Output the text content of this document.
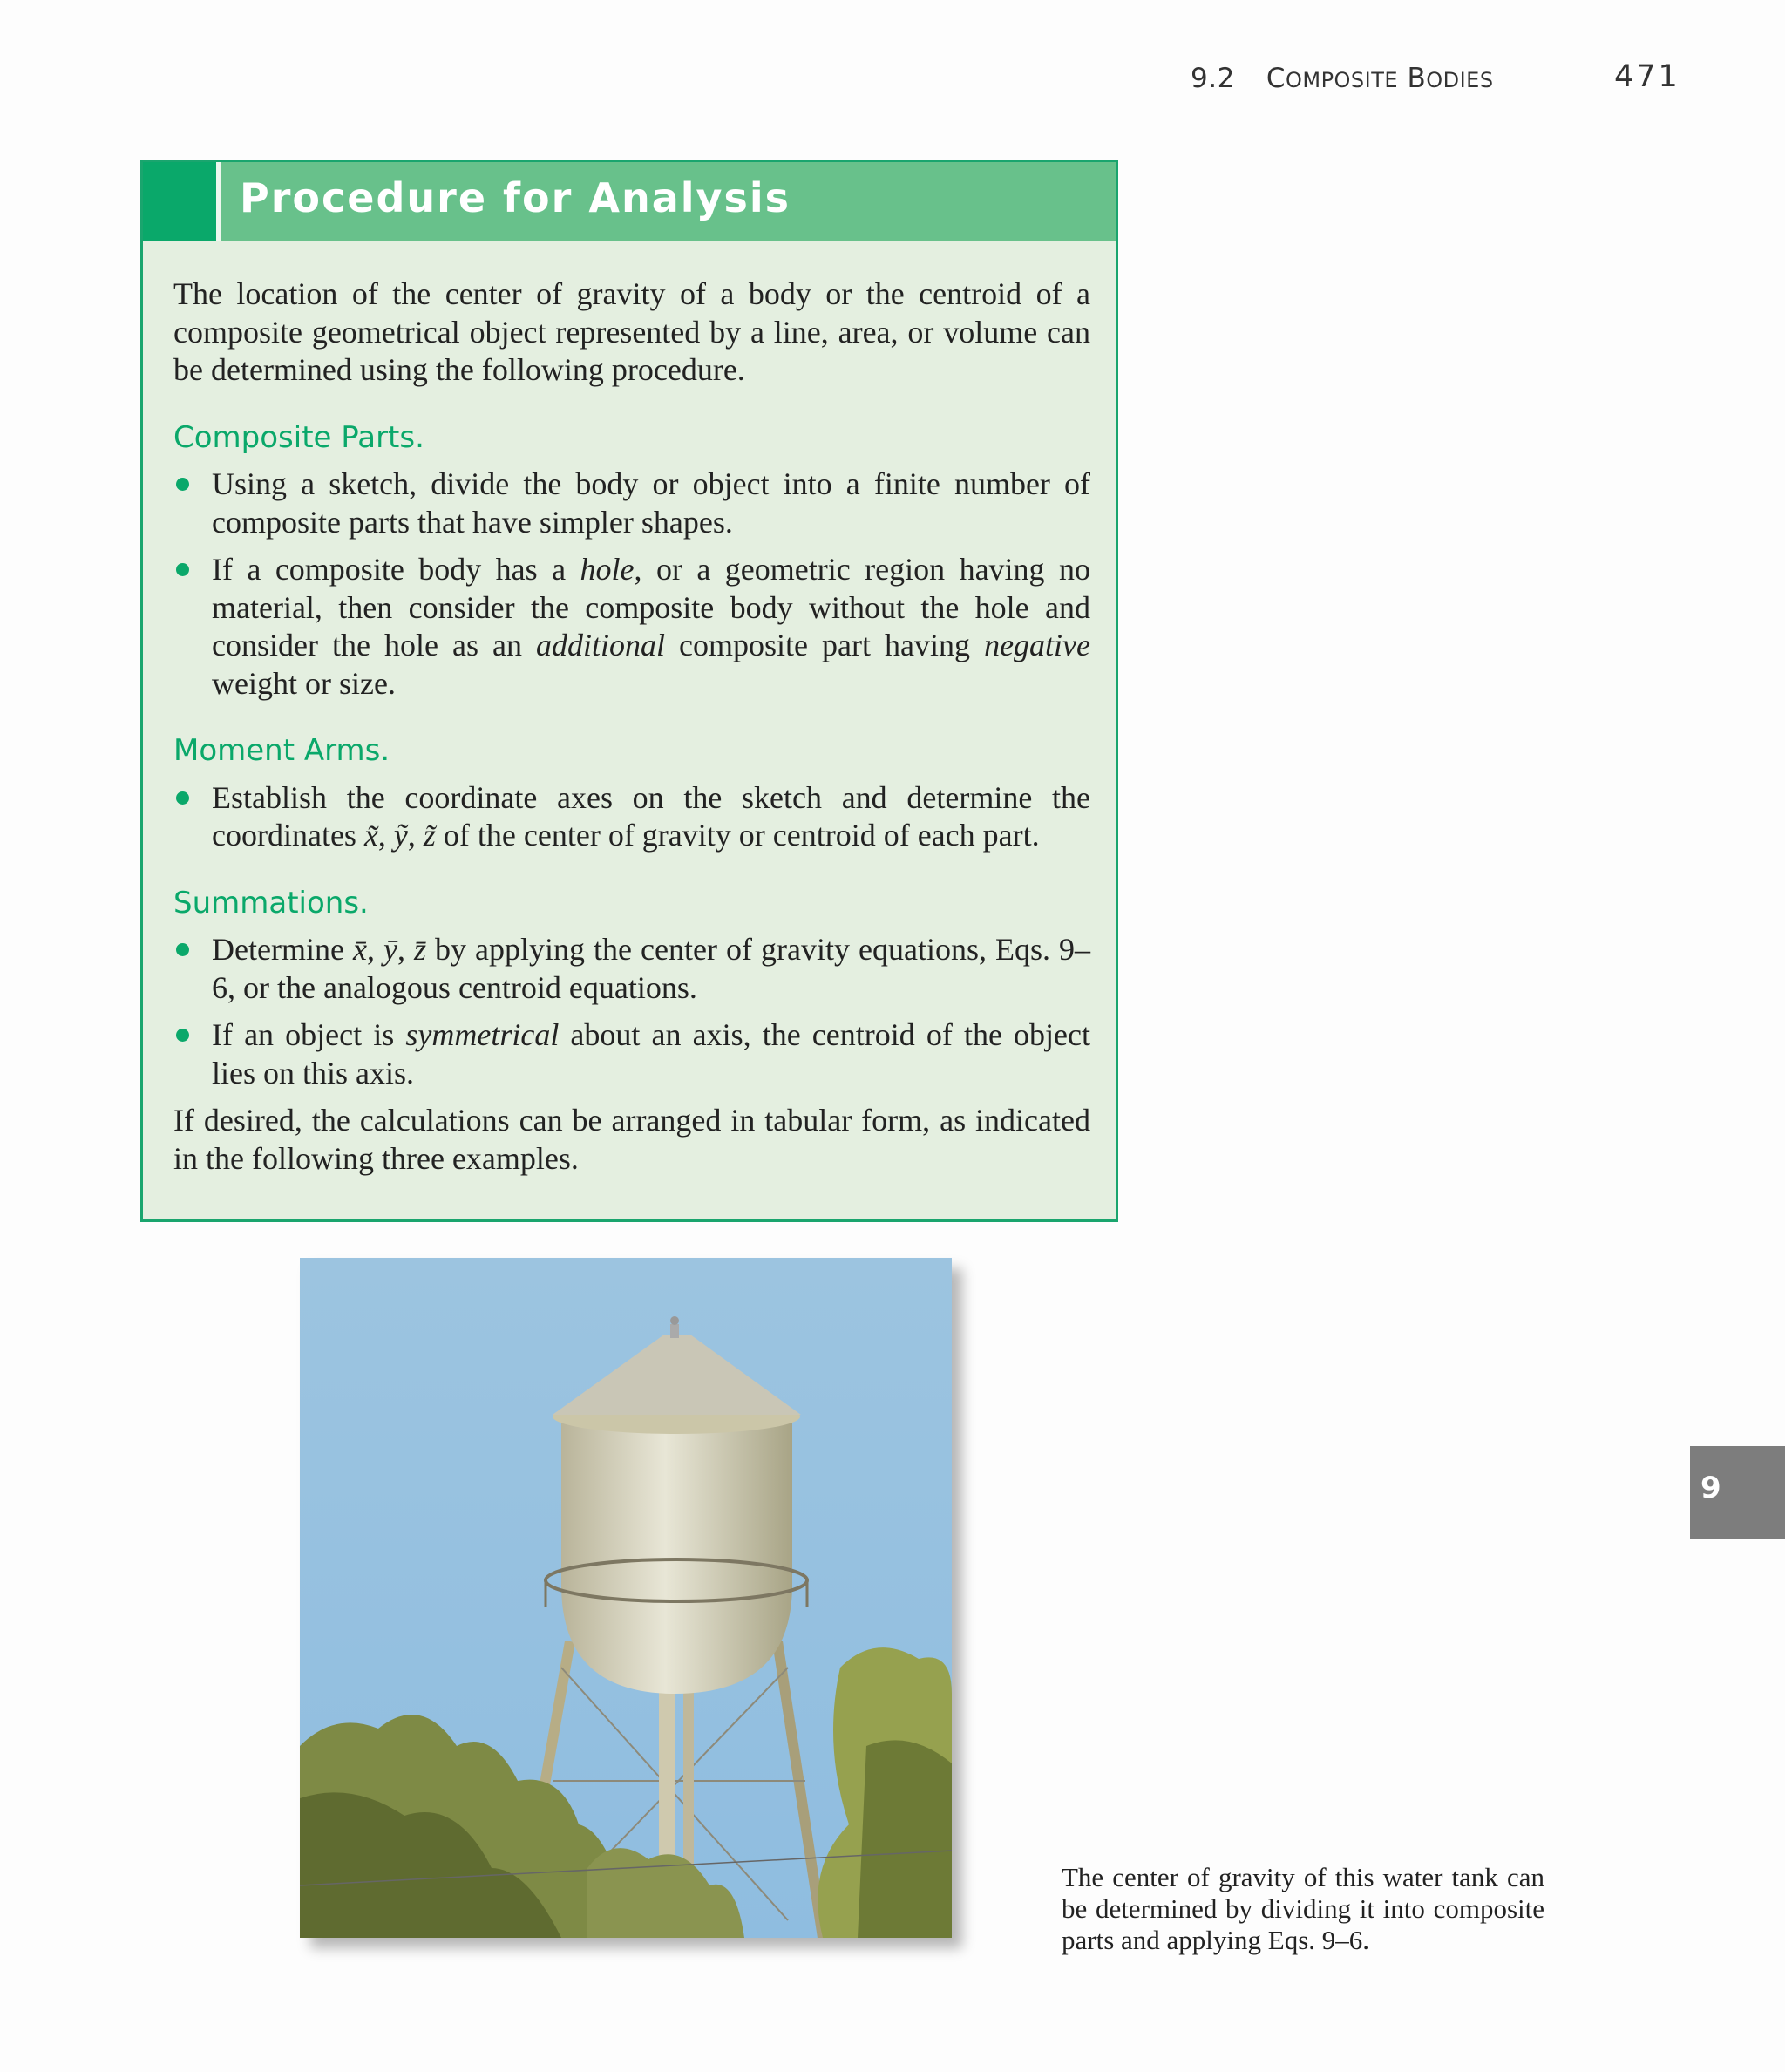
9.2 COMPOSITE BODIES	471
Procedure for Analysis

The location of the center of gravity of a body or the centroid of a composite geometrical object represented by a line, area, or volume can be determined using the following procedure.

Composite Parts.
Using a sketch, divide the body or object into a finite number of composite parts that have simpler shapes.
If a composite body has a hole, or a geometric region having no material, then consider the composite body without the hole and consider the hole as an additional composite part having negative weight or size.
Moment Arms.
Establish the coordinate axes on the sketch and determine the coordinates x, y, z of the center of gravity or centroid of each part.
Summations.
Determine x, y, z by applying the center of gravity equations, Eqs. 9–6, or the analogous centroid equations.
If an object is symmetrical about an axis, the centroid of the object lies on this axis.

If desired, the calculations can be arranged in tabular form, as indicated in the following three examples.

The center of gravity of this water tank can be determined by dividing it into composite parts and applying Eqs. 9–6.
9
